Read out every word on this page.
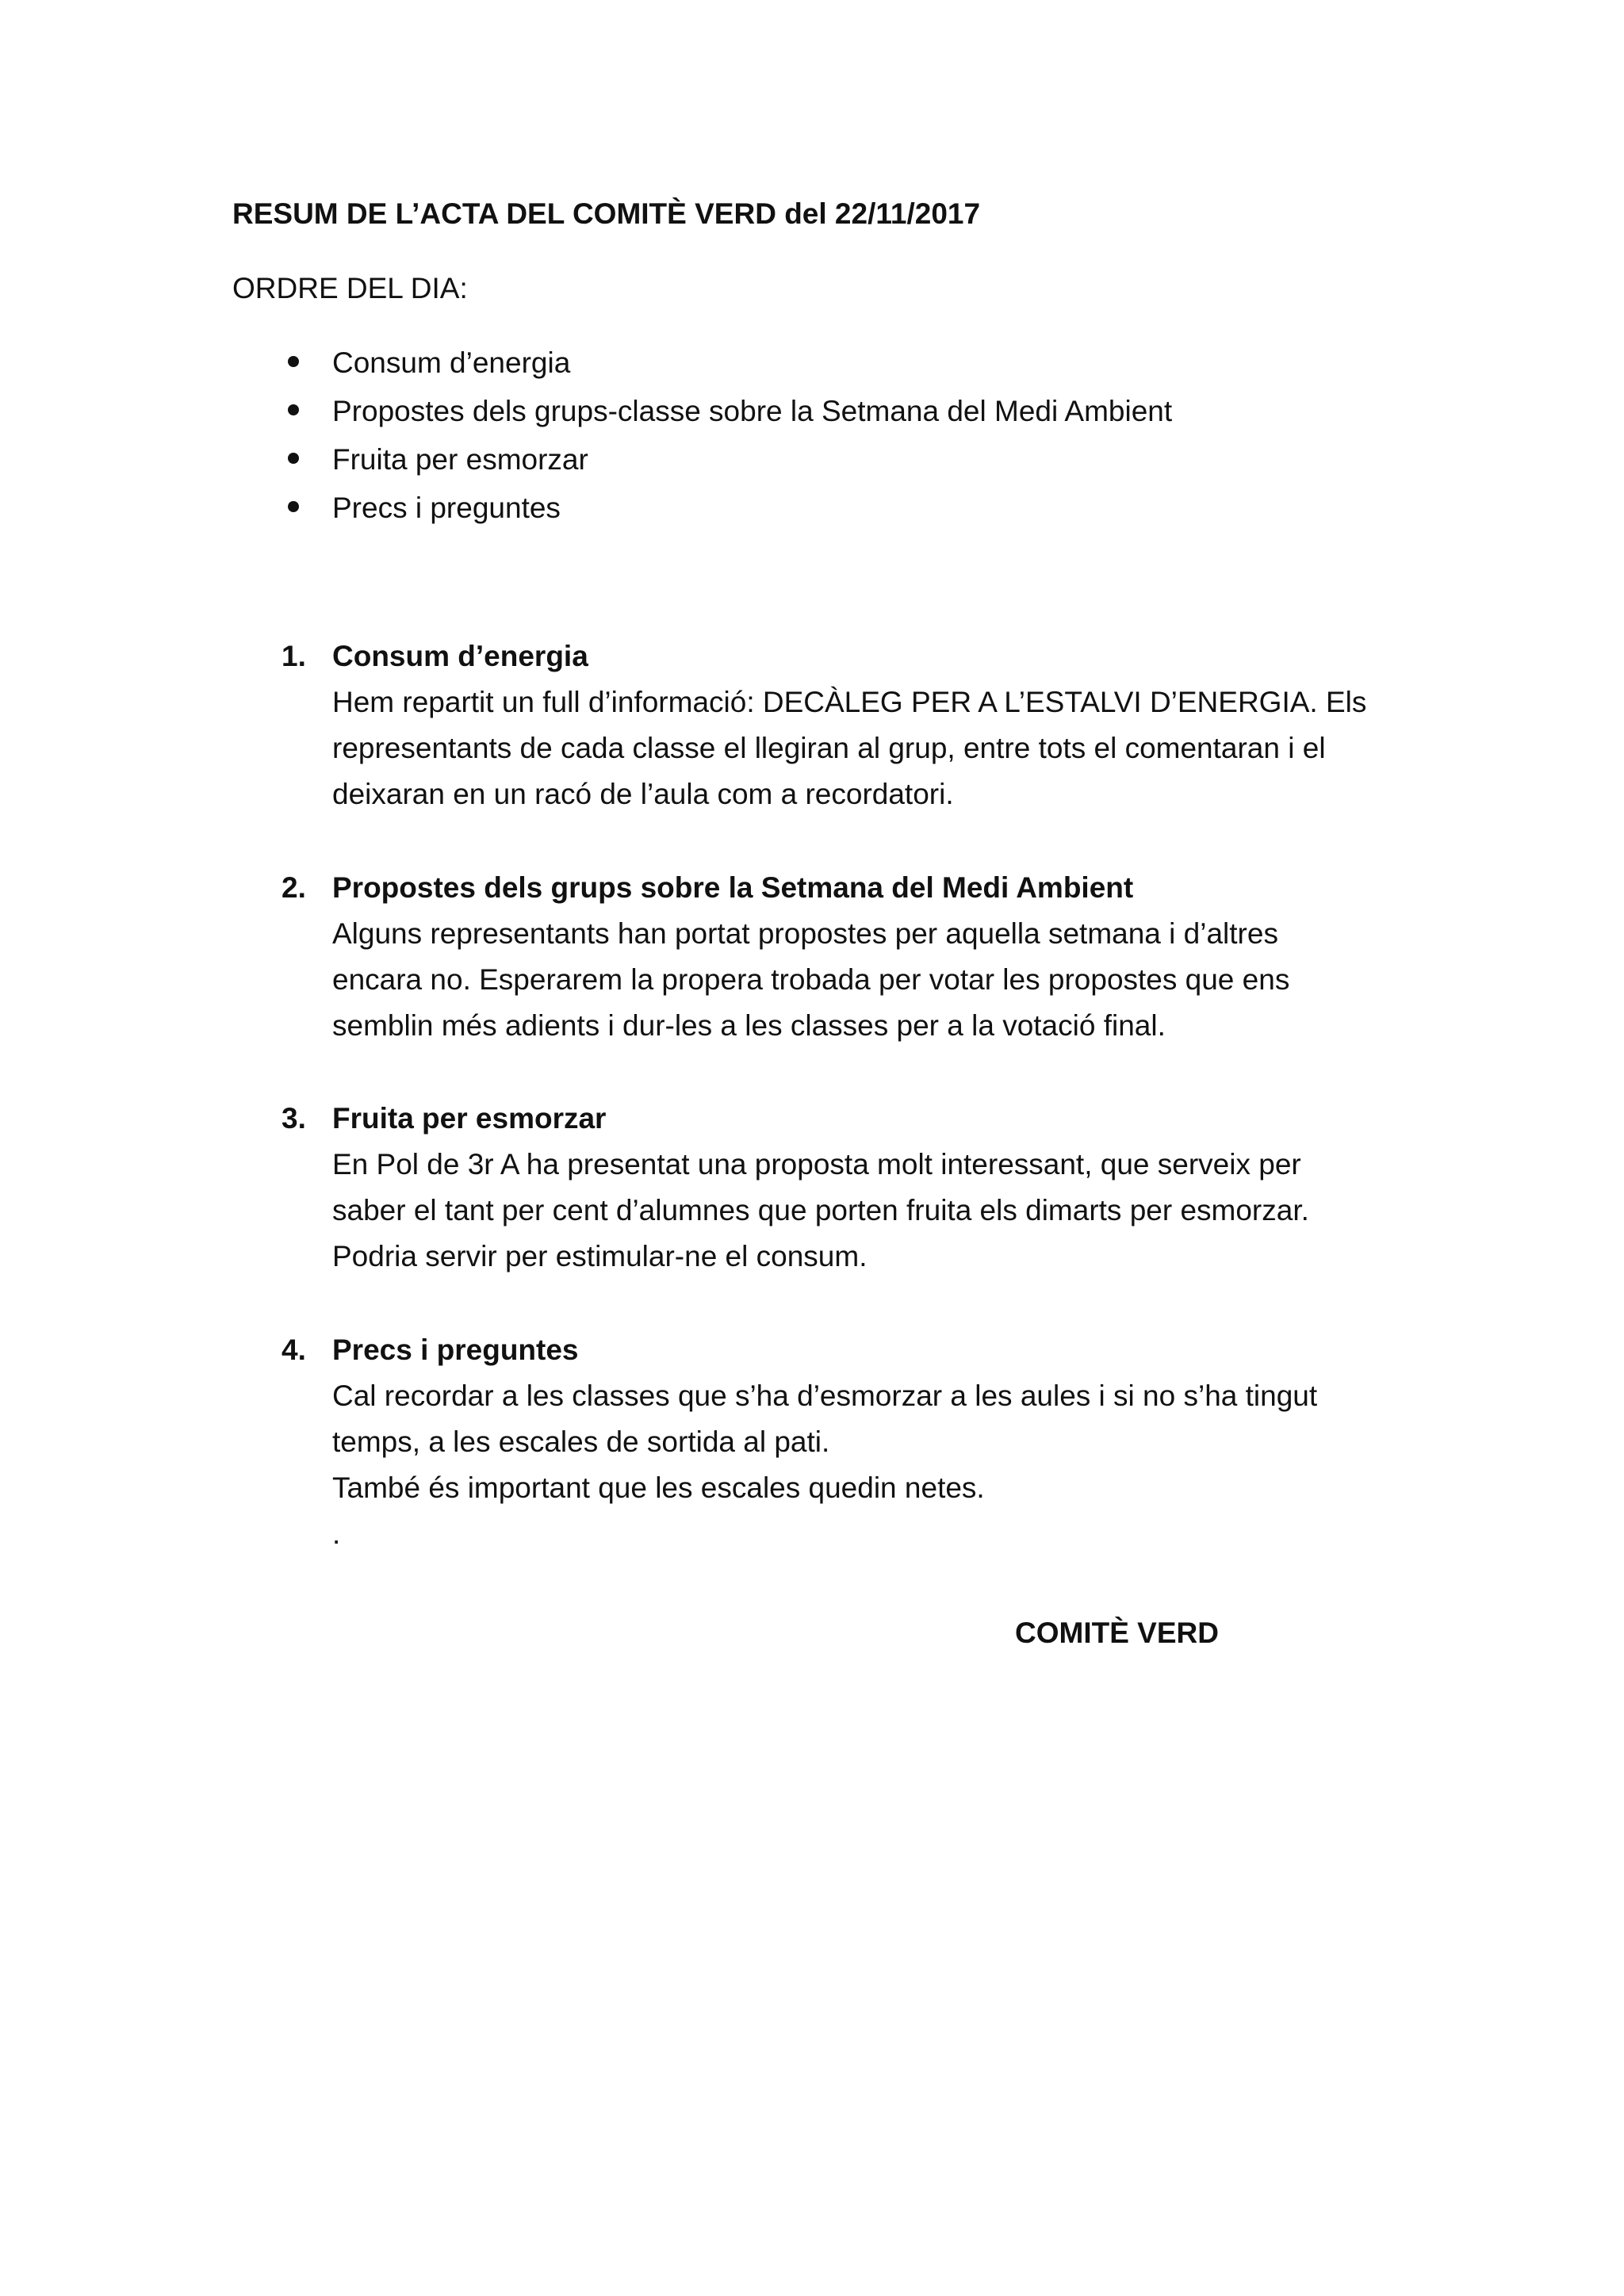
RESUM DE L’ACTA DEL COMITÈ VERD del 22/11/2017
ORDRE DEL DIA:
Consum d’energia
Propostes dels grups-classe sobre la Setmana del Medi Ambient
Fruita per esmorzar
Precs i preguntes
1. Consum d’energia
Hem repartit un full d’informació: DECÀLEG PER A L’ESTALVI D’ENERGIA. Els
representants de cada classe el llegiran al grup, entre tots el comentaran i el
deixaran en un racó de l’aula com a recordatori.
2. Propostes dels grups sobre la Setmana del Medi Ambient
Alguns representants han portat propostes per aquella setmana i d’altres
encara no. Esperarem la propera trobada per votar les propostes que ens
semblin més adients i dur-les a les classes per a la votació final.
3. Fruita per esmorzar
En Pol de 3r A ha presentat una proposta molt interessant, que serveix per
saber el tant per cent d’alumnes que porten fruita els dimarts per esmorzar.
Podria servir per estimular-ne el consum.
4. Precs i preguntes
Cal recordar a les classes que s’ha d’esmorzar a les aules i si no s’ha tingut
temps, a les escales de sortida al pati.
També és important que les escales quedin netes.
.
COMITÈ VERD
